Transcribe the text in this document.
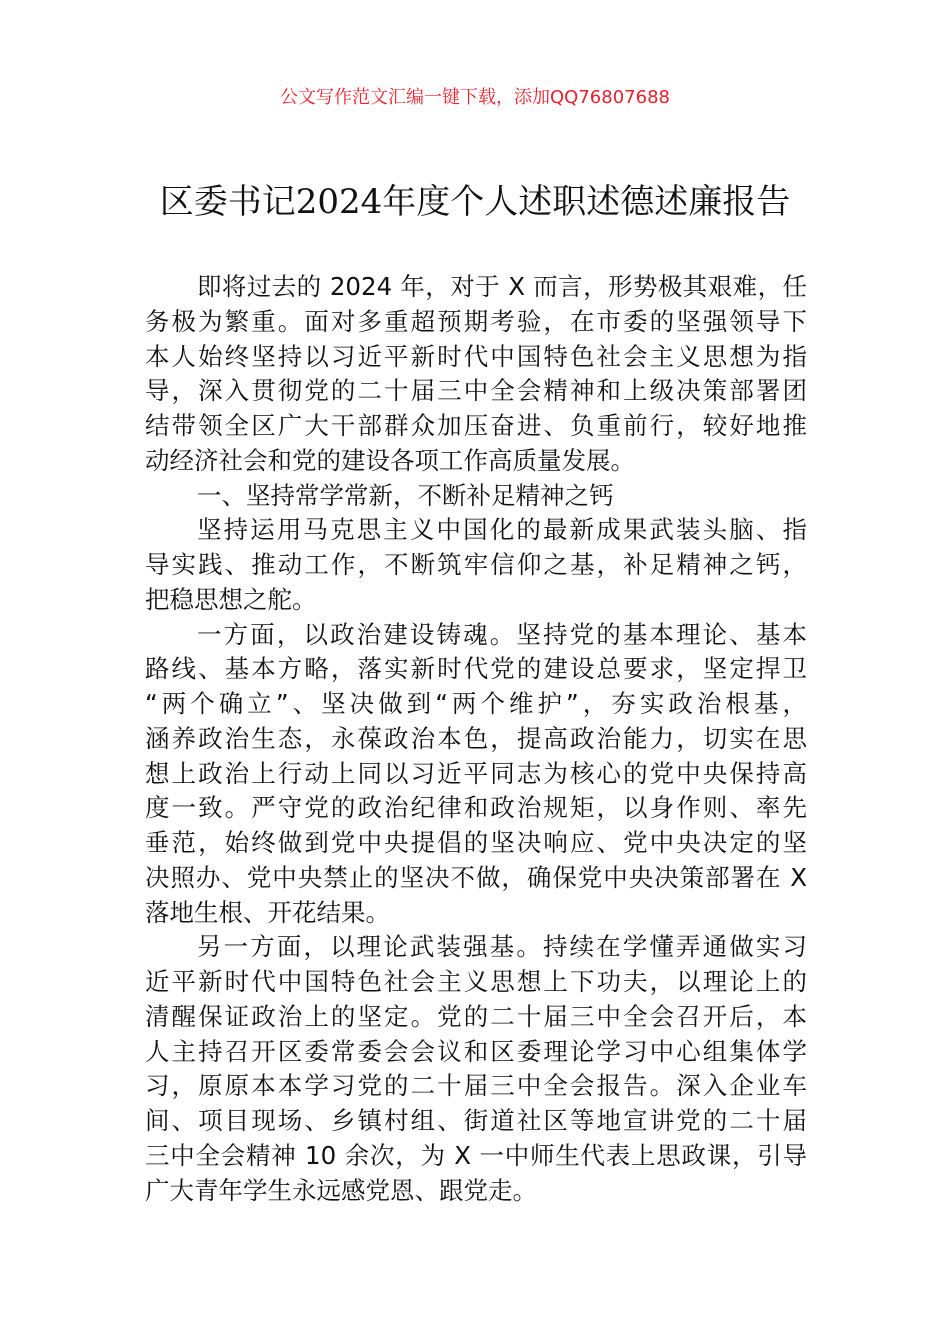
公文写作范文汇编一键下载，添加QQ76807688
区委书记2024年度个人述职述德述廉报告
即将过去的 2024 年，对于 X 而言，形势极其艰难，任
务极为繁重。面对多重超预期考验，在市委的坚强领导下
本人始终坚持以习近平新时代中国特色社会主义思想为指
导，深入贯彻党的二十届三中全会精神和上级决策部署团
结带领全区广大干部群众加压奋进、负重前行，较好地推
动经济社会和党的建设各项工作高质量发展。
一、坚持常学常新，不断补足精神之钙
坚持运用马克思主义中国化的最新成果武装头脑、指
导实践、推动工作，不断筑牢信仰之基，补足精神之钙，
把稳思想之舵。
一方面，以政治建设铸魂。坚持党的基本理论、基本
路线、基本方略，落实新时代党的建设总要求，坚定捍卫
“两个确立”、坚决做到“两个维护”，夯实政治根基，
涵养政治生态，永葆政治本色，提高政治能力，切实在思
想上政治上行动上同以习近平同志为核心的党中央保持高
度一致。严守党的政治纪律和政治规矩，以身作则、率先
垂范，始终做到党中央提倡的坚决响应、党中央决定的坚
决照办、党中央禁止的坚决不做，确保党中央决策部署在 X
落地生根、开花结果。
另一方面，以理论武装强基。持续在学懂弄通做实习
近平新时代中国特色社会主义思想上下功夫，以理论上的
清醒保证政治上的坚定。党的二十届三中全会召开后，本
人主持召开区委常委会会议和区委理论学习中心组集体学
习，原原本本学习党的二十届三中全会报告。深入企业车
间、项目现场、乡镇村组、街道社区等地宣讲党的二十届
三中全会精神 10 余次，为 X 一中师生代表上思政课，引导
广大青年学生永远感党恩、跟党走。
